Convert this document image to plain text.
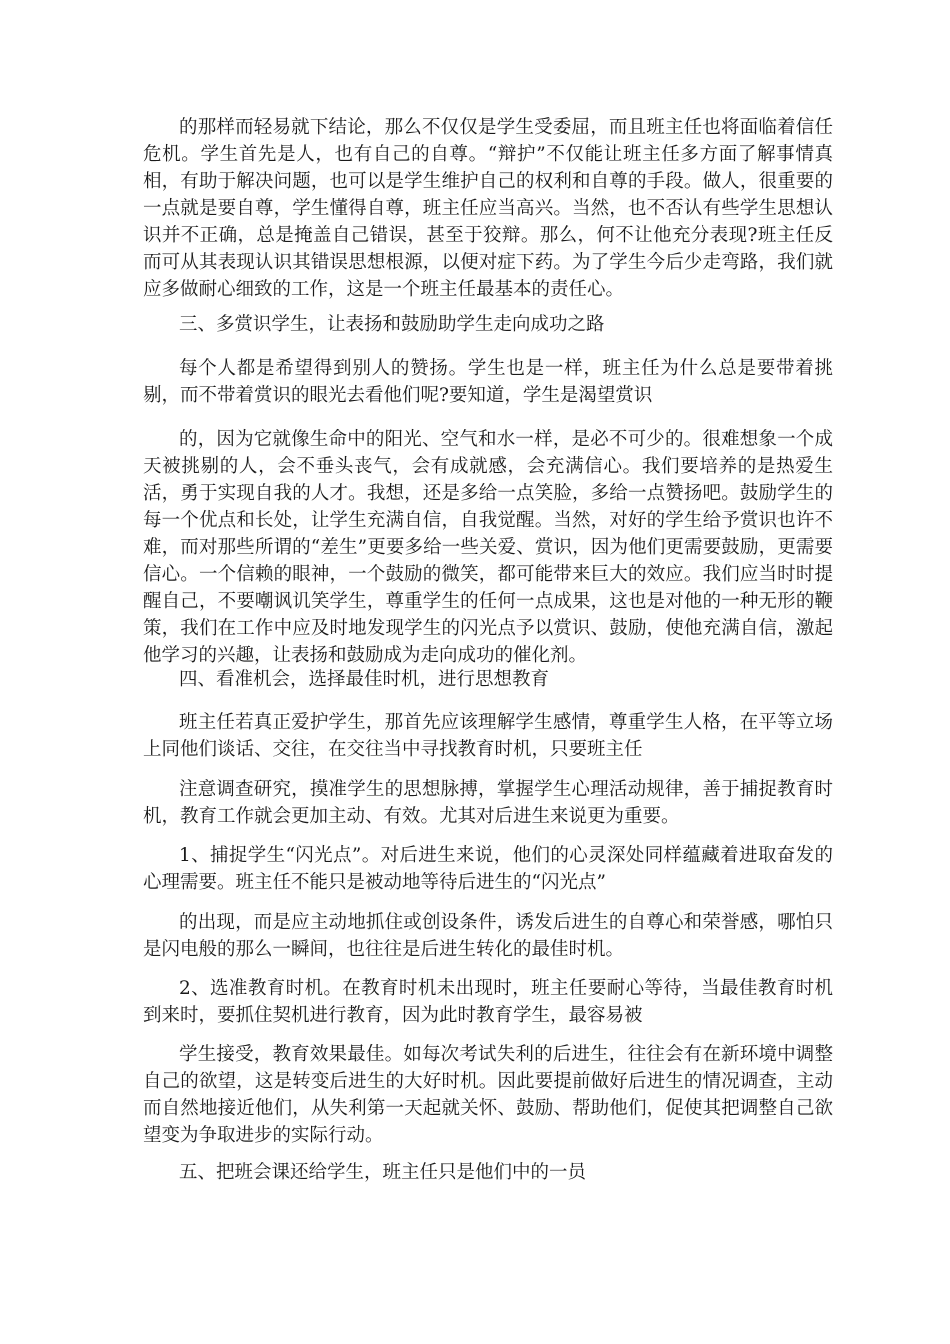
的那样而轻易就下结论，那么不仅仅是学生受委屈，而且班主任也将面临着信任危机。学生首先是人，也有自己的自尊。“辩护”不仅能让班主任多方面了解事情真相，有助于解决问题，也可以是学生维护自己的权利和自尊的手段。做人，很重要的一点就是要自尊，学生懂得自尊，班主任应当高兴。当然，也不否认有些学生思想认识并不正确，总是掩盖自己错误，甚至于狡辩。那么，何不让他充分表现?班主任反而可从其表现认识其错误思想根源，以便对症下药。为了学生今后少走弯路，我们就应多做耐心细致的工作，这是一个班主任最基本的责任心。

三、多赏识学生，让表扬和鼓励助学生走向成功之路

每个人都是希望得到别人的赞扬。学生也是一样，班主任为什么总是要带着挑剔，而不带着赏识的眼光去看他们呢?要知道，学生是渴望赏识

的，因为它就像生命中的阳光、空气和水一样，是必不可少的。很难想象一个成天被挑剔的人，会不垂头丧气，会有成就感，会充满信心。我们要培养的是热爱生活，勇于实现自我的人才。我想，还是多给一点笑脸，多给一点赞扬吧。鼓励学生的每一个优点和长处，让学生充满自信，自我觉醒。当然，对好的学生给予赏识也许不难，而对那些所谓的“差生”更要多给一些关爱、赏识，因为他们更需要鼓励，更需要信心。一个信赖的眼神，一个鼓励的微笑，都可能带来巨大的效应。我们应当时时提醒自己，不要嘲讽讥笑学生，尊重学生的任何一点成果，这也是对他的一种无形的鞭策，我们在工作中应及时地发现学生的闪光点予以赏识、鼓励，使他充满自信，激起他学习的兴趣，让表扬和鼓励成为走向成功的催化剂。

四、看准机会，选择最佳时机，进行思想教育

班主任若真正爱护学生，那首先应该理解学生感情，尊重学生人格，在平等立场上同他们谈话、交往，在交往当中寻找教育时机，只要班主任

注意调查研究，摸准学生的思想脉搏，掌握学生心理活动规律，善于捕捉教育时机，教育工作就会更加主动、有效。尤其对后进生来说更为重要。

1、捕捉学生“闪光点”。对后进生来说，他们的心灵深处同样蕴藏着进取奋发的心理需要。班主任不能只是被动地等待后进生的“闪光点”

的出现，而是应主动地抓住或创设条件，诱发后进生的自尊心和荣誉感，哪怕只是闪电般的那么一瞬间，也往往是后进生转化的最佳时机。

2、选准教育时机。在教育时机未出现时，班主任要耐心等待，当最佳教育时机到来时，要抓住契机进行教育，因为此时教育学生，最容易被

学生接受，教育效果最佳。如每次考试失利的后进生，往往会有在新环境中调整自己的欲望，这是转变后进生的大好时机。因此要提前做好后进生的情况调查，主动而自然地接近他们，从失利第一天起就关怀、鼓励、帮助他们，促使其把调整自己欲望变为争取进步的实际行动。

五、把班会课还给学生，班主任只是他们中的一员
